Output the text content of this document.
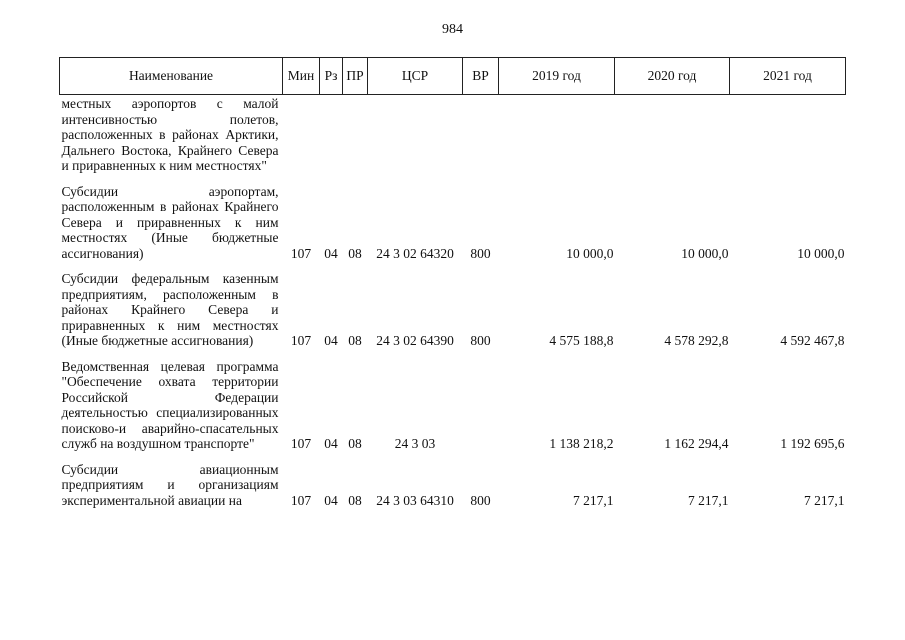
984
Наименование	Мин	Рз	ПР	ЦСР	ВР	2019 год	2020 год	2021 год
местных аэропортов с малой интенсивностью полетов, расположенных в районах Арктики, Дальнего Востока, Крайнего Севера и приравненных к ним местностях"								
Субсидии аэропортам, расположенным в районах Крайнего Севера и приравненных к ним местностях (Иные бюджетные ассигнования)	107	04	08	24 3 02 64320	800	10 000,0	10 000,0	10 000,0
Субсидии федеральным казенным предприятиям, расположенным в районах Крайнего Севера и приравненных к ним местностях (Иные бюджетные ассигнования)	107	04	08	24 3 02 64390	800	4 575 188,8	4 578 292,8	4 592 467,8
Ведомственная целевая программа "Обеспечение охвата территории Российской Федерации деятельностью специализированных поисково-и аварийно-спасательных служб на воздушном транспорте"	107	04	08	24 3 03		1 138 218,2	1 162 294,4	1 192 695,6
Субсидии авиационным предприятиям и организациям экспериментальной авиации на	107	04	08	24 3 03 64310	800	7 217,1	7 217,1	7 217,1
